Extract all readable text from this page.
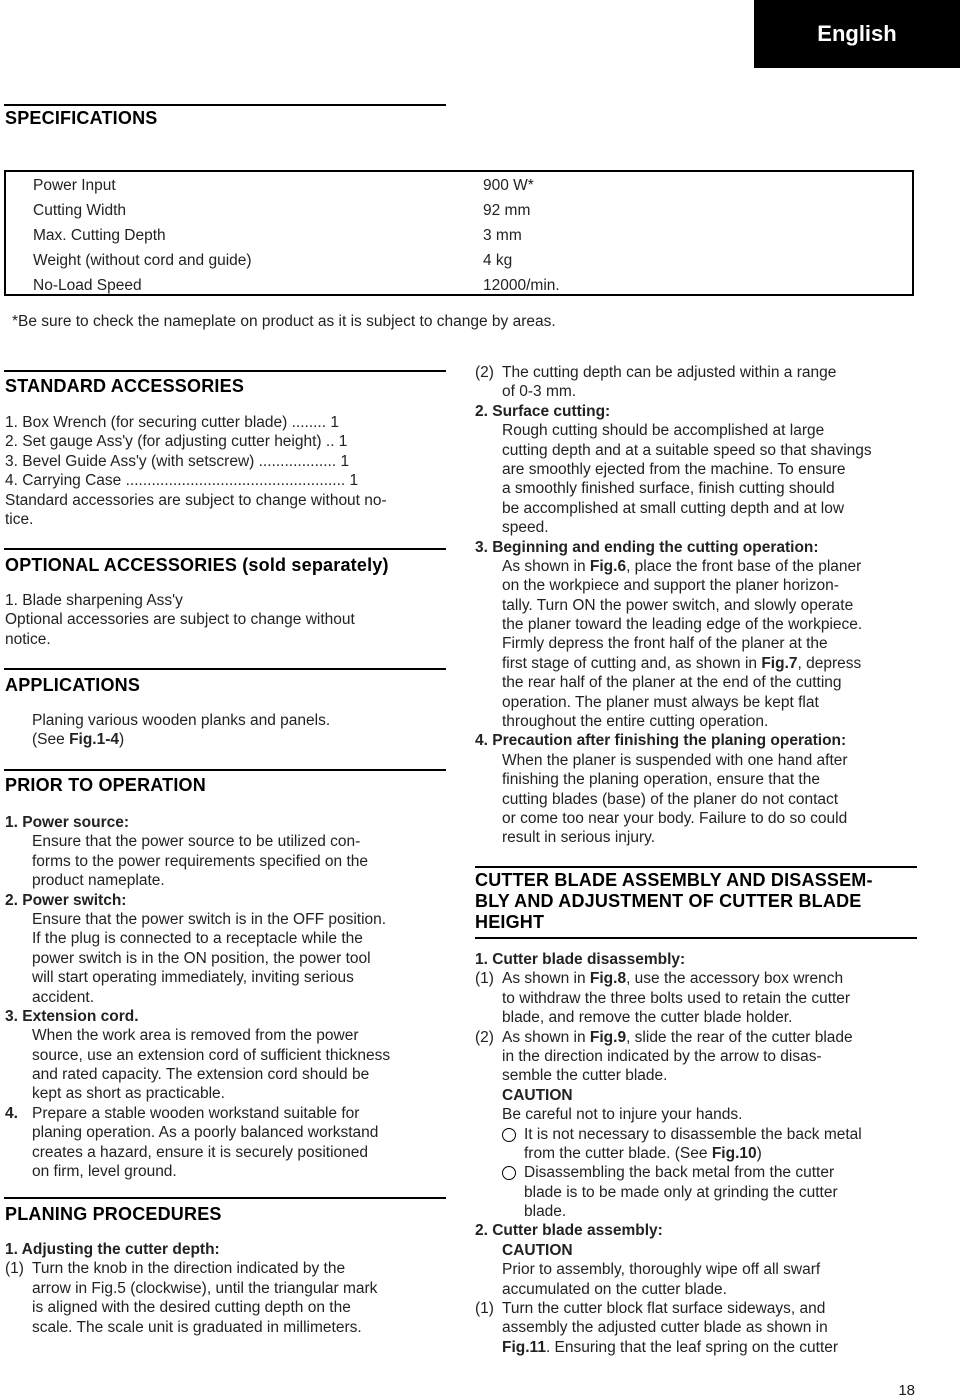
English
SPECIFICATIONS
Power Input	900 W*
Cutting Width	92 mm
Max. Cutting Depth	3 mm
Weight (without cord and guide)	4 kg
No-Load Speed	12000/min.
*Be sure to check the nameplate on product as it is subject to change by areas.
STANDARD ACCESSORIES
1. Box Wrench (for securing cutter blade) ........ 1
2. Set gauge Ass'y (for adjusting cutter height) .. 1
3. Bevel Guide Ass'y (with setscrew) .................. 1
4. Carrying Case ................................................... 1
Standard accessories are subject to change without no-
tice.
OPTIONAL ACCESSORIES (sold separately)
1. Blade sharpening Ass'y
Optional accessories are subject to change without
notice.
APPLICATIONS
Planing various wooden planks and panels.
(See Fig.1-4)
PRIOR TO OPERATION
1. Power source:
Ensure that the power source to be utilized con-
forms to the power requirements specified on the
product nameplate.
2. Power switch:
Ensure that the power switch is in the OFF position.
If the plug is connected to a receptacle while the
power switch is in the ON position, the power tool
will start operating immediately, inviting serious
accident.
3. Extension cord.
When the work area is removed from the power
source, use an extension cord of sufficient thickness
and rated capacity. The extension cord should be
kept as short as practicable.
4. Prepare a stable wooden workstand suitable for
planing operation. As a poorly balanced workstand
creates a hazard, ensure it is securely positioned
on firm, level ground.
PLANING PROCEDURES
1. Adjusting the cutter depth:
(1) Turn the knob in the direction indicated by the
arrow in Fig.5 (clockwise), until the triangular mark
is aligned with the desired cutting depth on the
scale. The scale unit is graduated in millimeters.
(2) The cutting depth can be adjusted within a range
of 0-3 mm.
2. Surface cutting:
Rough cutting should be accomplished at large
cutting depth and at a suitable speed so that shavings
are smoothly ejected from the machine. To ensure
a smoothly finished surface, finish cutting should
be accomplished at small cutting depth and at low
speed.
3. Beginning and ending the cutting operation:
As shown in Fig.6, place the front base of the planer
on the workpiece and support the planer horizon-
tally. Turn ON the power switch, and slowly operate
the planer toward the leading edge of the workpiece.
Firmly depress the front half of the planer at the
first stage of cutting and, as shown in Fig.7, depress
the rear half of the planer at the end of the cutting
operation. The planer must always be kept flat
throughout the entire cutting operation.
4. Precaution after finishing the planing operation:
When the planer is suspended with one hand after
finishing the planing operation, ensure that the
cutting blades (base) of the planer do not contact
or come too near your body. Failure to do so could
result in serious injury.
CUTTER BLADE ASSEMBLY AND DISASSEM-
BLY AND ADJUSTMENT OF CUTTER BLADE
HEIGHT
1. Cutter blade disassembly:
(1) As shown in Fig.8, use the accessory box wrench
to withdraw the three bolts used to retain the cutter
blade, and remove the cutter blade holder.
(2) As shown in Fig.9, slide the rear of the cutter blade
in the direction indicated by the arrow to disas-
semble the cutter blade.
CAUTION
Be careful not to injure your hands.
It is not necessary to disassemble the back metal
from the cutter blade. (See Fig.10)
Disassembling the back metal from the cutter
blade is to be made only at grinding the cutter
blade.
2. Cutter blade assembly:
CAUTION
Prior to assembly, thoroughly wipe off all swarf
accumulated on the cutter blade.
(1) Turn the cutter block flat surface sideways, and
assembly the adjusted cutter blade as shown in
Fig.11. Ensuring that the leaf spring on the cutter
18
